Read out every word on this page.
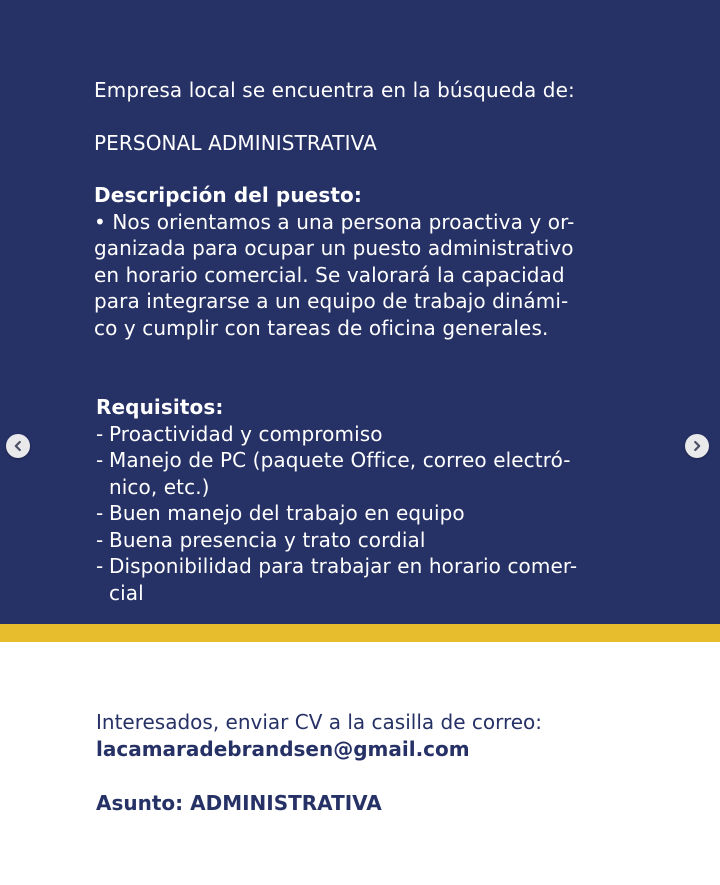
Empresa local se encuentra en la búsqueda de:
PERSONAL ADMINISTRATIVA
Descripción del puesto:
• Nos orientamos a una persona proactiva y or-
ganizada para ocupar un puesto administrativo
en horario comercial. Se valorará la capacidad
para integrarse a un equipo de trabajo dinámi-
co y cumplir con tareas de oficina generales.
Requisitos:
- Proactividad y compromiso
- Manejo de PC (paquete Office, correo electró-
nico, etc.)
- Buen manejo del trabajo en equipo
- Buena presencia y trato cordial
- Disponibilidad para trabajar en horario comer-
cial
Interesados, enviar CV a la casilla de correo:
lacamaradebrandsen@gmail.com
Asunto: ADMINISTRATIVA
